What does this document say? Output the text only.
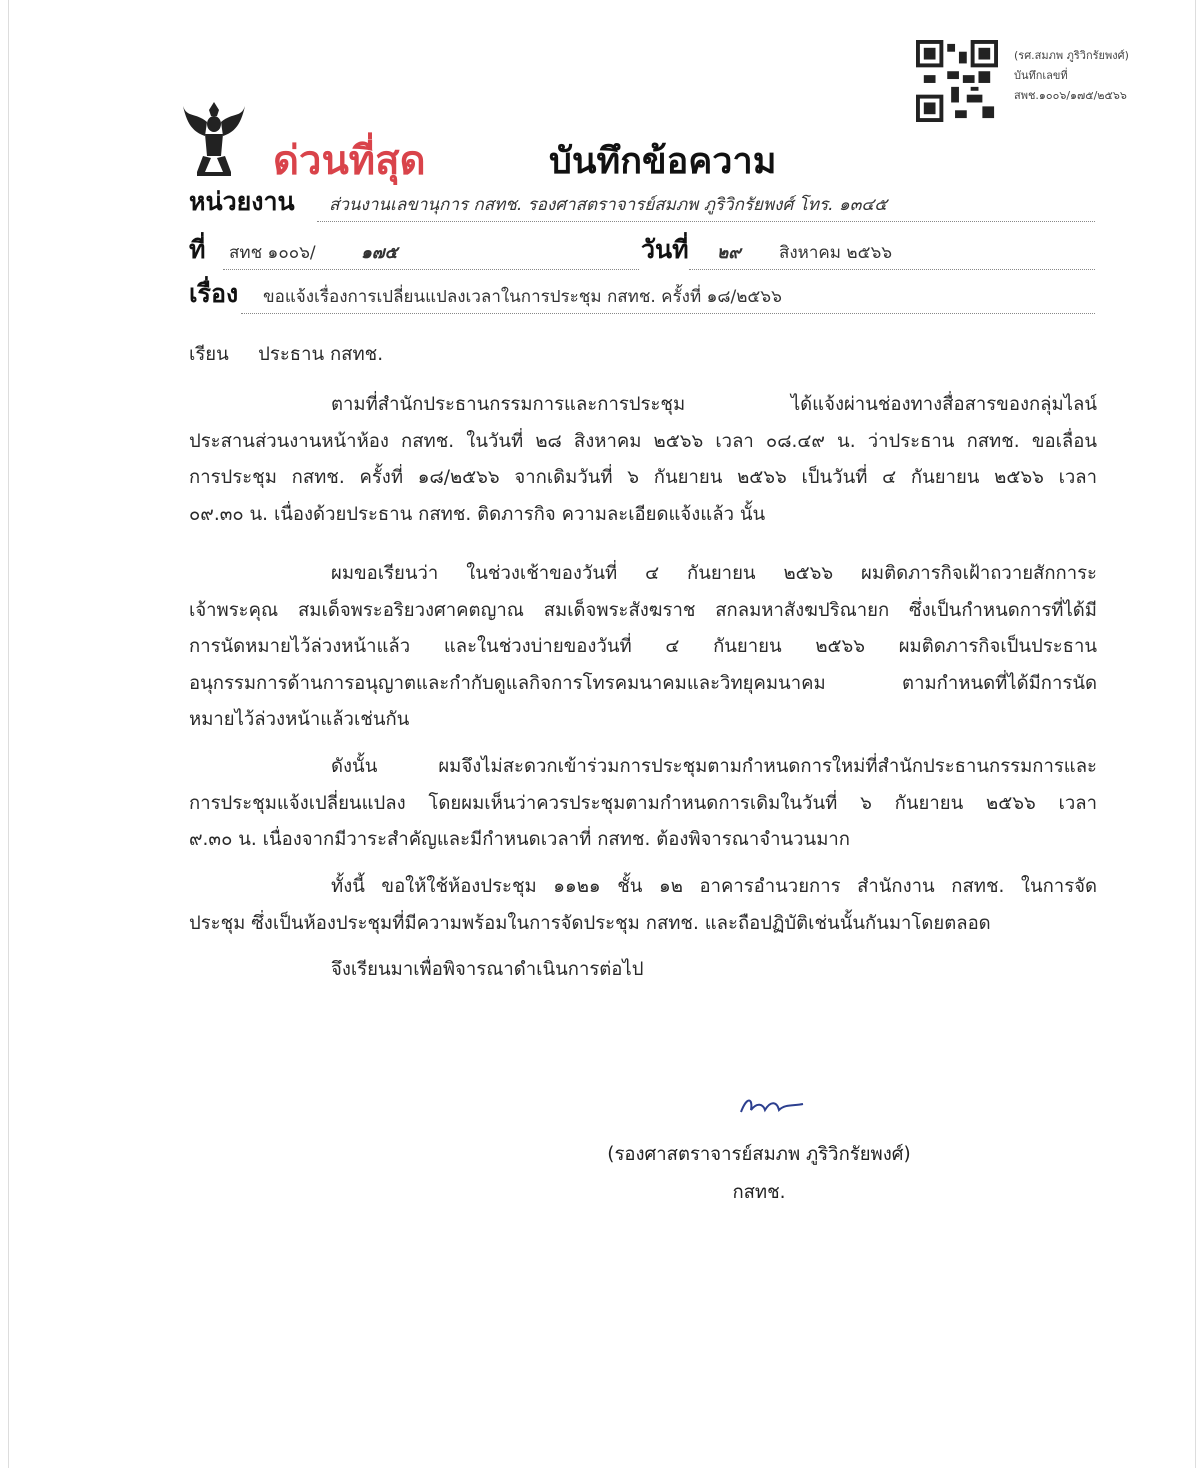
(รศ.สมภพ ภูริวิกรัยพงศ์)
บันทึกเลขที่
สพช.๑๐๐๖/๑๗๕/๒๕๖๖
ด่วนที่สุด	บันทึกข้อความ
หน่วยงาน ส่วนงานเลขานุการ กสทช. รองศาสตราจารย์สมภพ ภูริวิกรัยพงศ์ โทร. ๑๓๔๕
ที่ สทช ๑๐๐๖/	๑๗๕	วันที่ ๒๙ สิงหาคม ๒๕๖๖
เรื่อง ขอแจ้งเรื่องการเปลี่ยนแปลงเวลาในการประชุม กสทช. ครั้งที่ ๑๘/๒๕๖๖
เรียน ประธาน กสทช.
ตามที่สำนักประธานกรรมการและการประชุม ได้แจ้งผ่านช่องทางสื่อสารของกลุ่มไลน์
ประสานส่วนงานหน้าห้อง กสทช. ในวันที่ ๒๘ สิงหาคม ๒๕๖๖ เวลา ๐๘.๔๙ น. ว่าประธาน กสทช. ขอเลื่อน
การประชุม กสทช. ครั้งที่ ๑๘/๒๕๖๖ จากเดิมวันที่ ๖ กันยายน ๒๕๖๖ เป็นวันที่ ๔ กันยายน ๒๕๖๖ เวลา
๐๙.๓๐ น. เนื่องด้วยประธาน กสทช. ติดภารกิจ ความละเอียดแจ้งแล้ว นั้น
ผมขอเรียนว่า ในช่วงเช้าของวันที่ ๔ กันยายน ๒๕๖๖ ผมติดภารกิจเฝ้าถวายสักการะ
เจ้าพระคุณ สมเด็จพระอริยวงศาคตญาณ สมเด็จพระสังฆราช สกลมหาสังฆปริณายก ซึ่งเป็นกำหนดการที่ได้มี
การนัดหมายไว้ล่วงหน้าแล้ว และในช่วงบ่ายของวันที่ ๔ กันยายน ๒๕๖๖ ผมติดภารกิจเป็นประธาน
อนุกรรมการด้านการอนุญาตและกำกับดูแลกิจการโทรคมนาคมและวิทยุคมนาคม ตามกำหนดที่ได้มีการนัด
หมายไว้ล่วงหน้าแล้วเช่นกัน
ดังนั้น ผมจึงไม่สะดวกเข้าร่วมการประชุมตามกำหนดการใหม่ที่สำนักประธานกรรมการและ
การประชุมแจ้งเปลี่ยนแปลง โดยผมเห็นว่าควรประชุมตามกำหนดการเดิมในวันที่ ๖ กันยายน ๒๕๖๖ เวลา
๙.๓๐ น. เนื่องจากมีวาระสำคัญและมีกำหนดเวลาที่ กสทช. ต้องพิจารณาจำนวนมาก
ทั้งนี้ ขอให้ใช้ห้องประชุม ๑๑๒๑ ชั้น ๑๒ อาคารอำนวยการ สำนักงาน กสทช. ในการจัด
ประชุม ซึ่งเป็นห้องประชุมที่มีความพร้อมในการจัดประชุม กสทช. และถือปฏิบัติเช่นนั้นกันมาโดยตลอด
จึงเรียนมาเพื่อพิจารณาดำเนินการต่อไป
(รองศาสตราจารย์สมภพ ภูริวิกรัยพงศ์)
กสทช.
